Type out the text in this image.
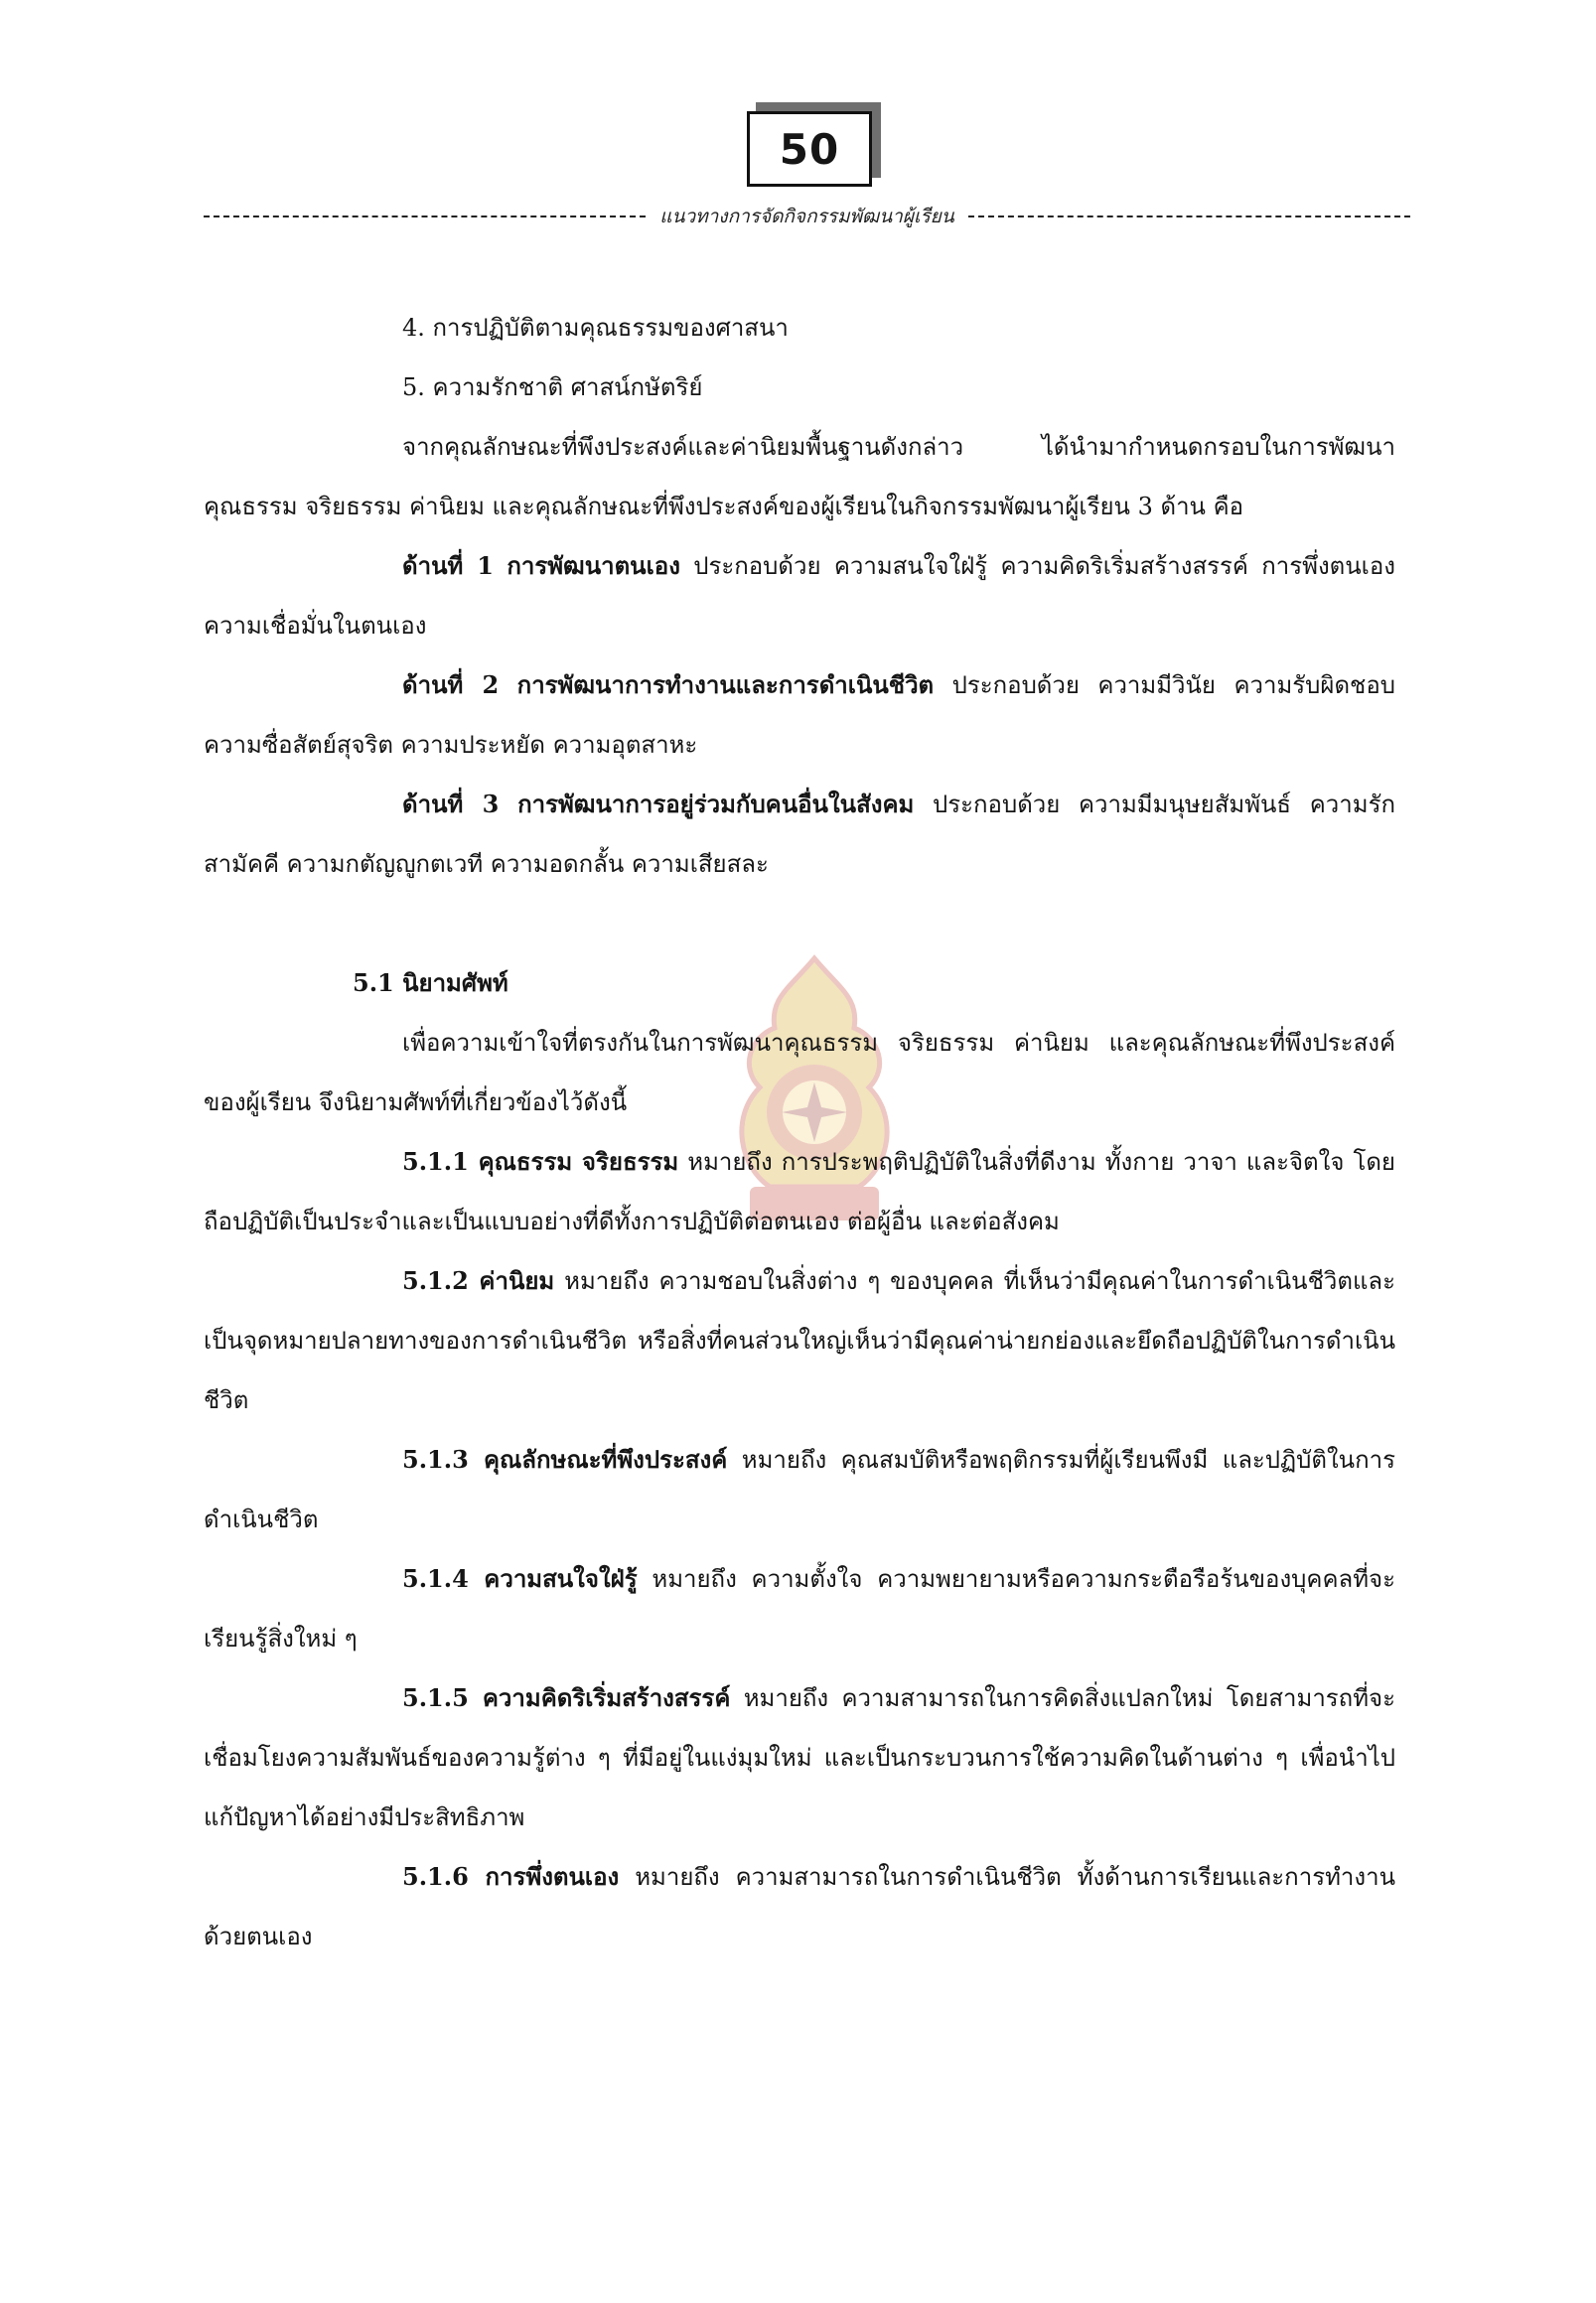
50
แนวทางการจัดกิจกรรมพัฒนาผู้เรียน

4. การปฏิบัติตามคุณธรรมของศาสนา

5. ความรักชาติ ศาสน์กษัตริย์

จากคุณลักษณะที่พึงประสงค์และค่านิยมพื้นฐานดังกล่าว ได้นำมากำหนดกรอบในการพัฒนาคุณธรรม จริยธรรม ค่านิยม และคุณลักษณะที่พึงประสงค์ของผู้เรียนในกิจกรรมพัฒนาผู้เรียน 3 ด้าน คือ

ด้านที่ 1 การพัฒนาตนเอง ประกอบด้วย ความสนใจใฝ่รู้ ความคิดริเริ่มสร้างสรรค์ การพึ่งตนเอง ความเชื่อมั่นในตนเอง

ด้านที่ 2 การพัฒนาการทำงานและการดำเนินชีวิต ประกอบด้วย ความมีวินัย ความรับผิดชอบ ความซื่อสัตย์สุจริต ความประหยัด ความอุตสาหะ

ด้านที่ 3 การพัฒนาการอยู่ร่วมกับคนอื่นในสังคม ประกอบด้วย ความมีมนุษยสัมพันธ์ ความรักสามัคคี ความกตัญญูกตเวที ความอดกลั้น ความเสียสละ

5.1 นิยามศัพท์

เพื่อความเข้าใจที่ตรงกันในการพัฒนาคุณธรรม จริยธรรม ค่านิยม และคุณลักษณะที่พึงประสงค์ของผู้เรียน จึงนิยามศัพท์ที่เกี่ยวข้องไว้ดังนี้

5.1.1 คุณธรรม จริยธรรม หมายถึง การประพฤติปฏิบัติในสิ่งที่ดีงาม ทั้งกาย วาจา และจิตใจ โดยถือปฏิบัติเป็นประจำและเป็นแบบอย่างที่ดีทั้งการปฏิบัติต่อตนเอง ต่อผู้อื่น และต่อสังคม

5.1.2 ค่านิยม หมายถึง ความชอบในสิ่งต่าง ๆ ของบุคคล ที่เห็นว่ามีคุณค่าในการดำเนินชีวิตและเป็นจุดหมายปลายทางของการดำเนินชีวิต หรือสิ่งที่คนส่วนใหญ่เห็นว่ามีคุณค่าน่ายกย่องและยึดถือปฏิบัติในการดำเนินชีวิต

5.1.3 คุณลักษณะที่พึงประสงค์ หมายถึง คุณสมบัติหรือพฤติกรรมที่ผู้เรียนพึงมี และปฏิบัติในการดำเนินชีวิต

5.1.4 ความสนใจใฝ่รู้ หมายถึง ความตั้งใจ ความพยายามหรือความกระตือรือร้นของบุคคลที่จะเรียนรู้สิ่งใหม่ ๆ

5.1.5 ความคิดริเริ่มสร้างสรรค์ หมายถึง ความสามารถในการคิดสิ่งแปลกใหม่ โดยสามารถที่จะเชื่อมโยงความสัมพันธ์ของความรู้ต่าง ๆ ที่มีอยู่ในแง่มุมใหม่ และเป็นกระบวนการใช้ความคิดในด้านต่าง ๆ เพื่อนำไปแก้ปัญหาได้อย่างมีประสิทธิภาพ

5.1.6 การพึ่งตนเอง หมายถึง ความสามารถในการดำเนินชีวิต ทั้งด้านการเรียนและการทำงานด้วยตนเอง
